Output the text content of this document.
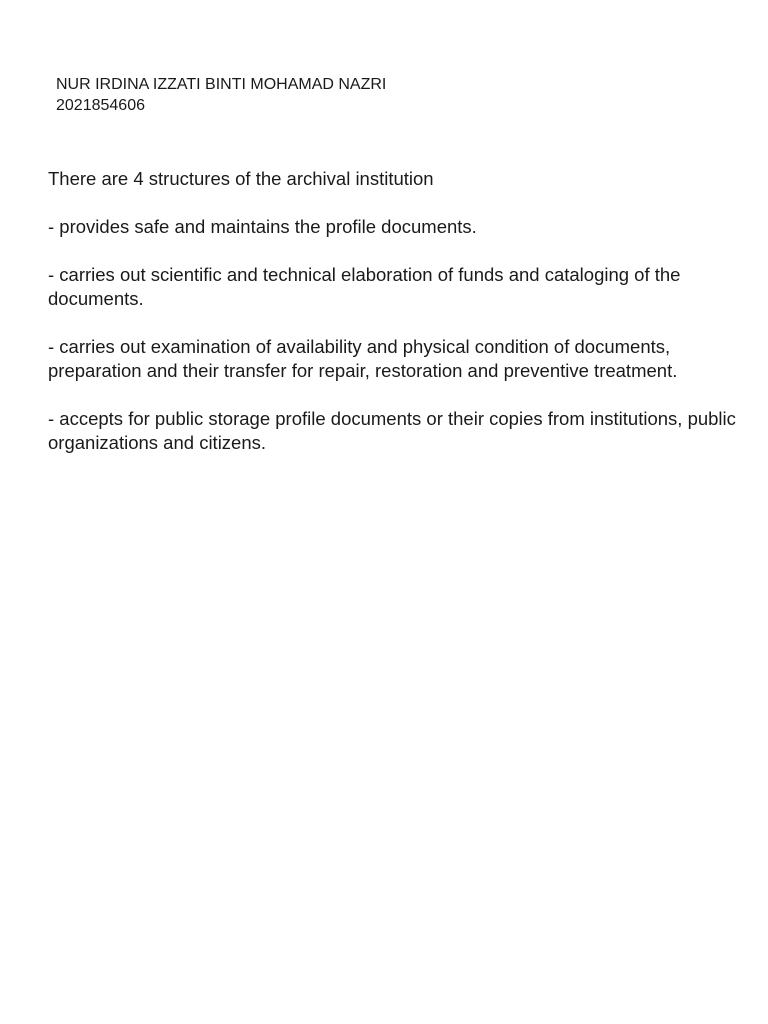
NUR IRDINA IZZATI BINTI MOHAMAD NAZRI
2021854606

There are 4 structures of the archival institution

- provides safe and maintains the profile documents.

- carries out scientific and technical elaboration of funds and cataloging of the documents.

- carries out examination of availability and physical condition of documents, preparation and their transfer for repair, restoration and preventive treatment.

- accepts for public storage profile documents or their copies from institutions, public organizations and citizens.
